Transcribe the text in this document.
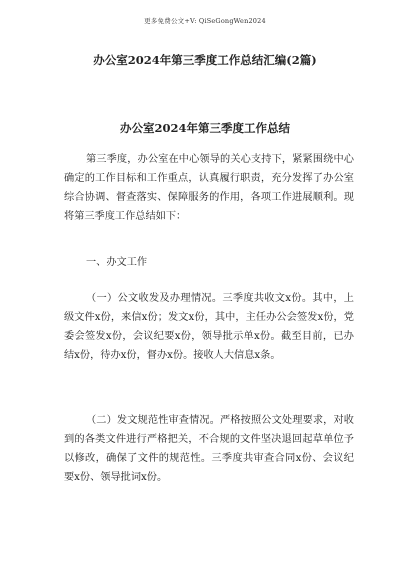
更多免费公文+V: QiSeGongWen2024
办公室2024年第三季度工作总结汇编(2篇)
办公室2024年第三季度工作总结

第三季度，办公室在中心领导的关心支持下，紧紧围绕中心确定的工作目标和工作重点，认真履行职责，充分发挥了办公室综合协调、督查落实、保障服务的作用，各项工作进展顺利。现将第三季度工作总结如下：

一、办文工作

（一）公文收发及办理情况。三季度共收文x份。其中，上级文件x份，来信x份；发文x份，其中，主任办公会签发x份，党委会签发x份，会议纪要x份，领导批示单x份。截至目前，已办结x份，待办x份，督办x份。接收人大信息x条。

（二）发文规范性审查情况。严格按照公文处理要求，对收到的各类文件进行严格把关，不合规的文件坚决退回起草单位予以修改，确保了文件的规范性。三季度共审查合同x份、会议纪要x份、领导批词x份。
